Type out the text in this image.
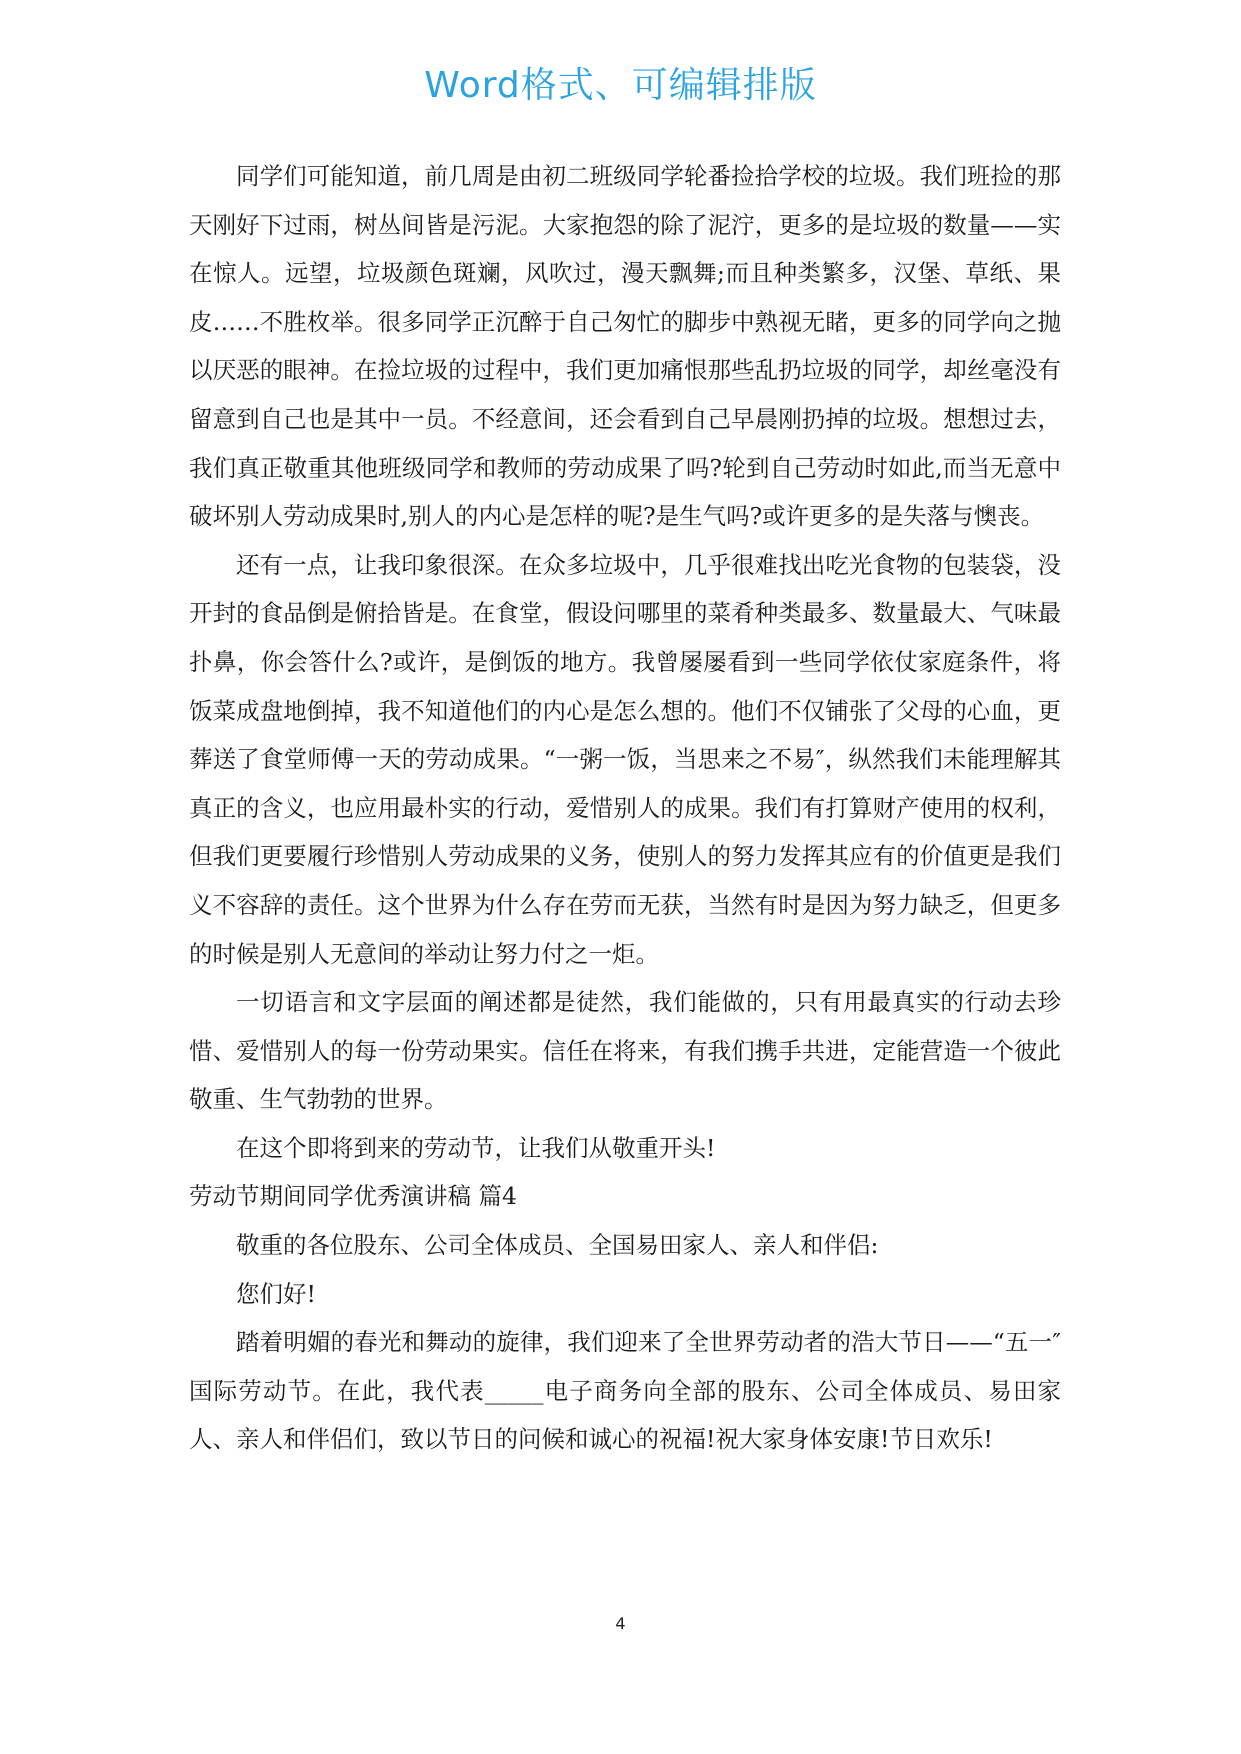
Word格式、可编辑排版

同学们可能知道，前几周是由初二班级同学轮番捡拾学校的垃圾。我们班捡的那天刚好下过雨，树丛间皆是污泥。大家抱怨的除了泥泞，更多的是垃圾的数量——实在惊人。远望，垃圾颜色斑斓，风吹过，漫天飘舞;而且种类繁多，汉堡、草纸、果皮……不胜枚举。很多同学正沉醉于自己匆忙的脚步中熟视无睹，更多的同学向之抛以厌恶的眼神。在捡垃圾的过程中，我们更加痛恨那些乱扔垃圾的同学，却丝毫没有留意到自己也是其中一员。不经意间，还会看到自己早晨刚扔掉的垃圾。想想过去，我们真正敬重其他班级同学和教师的劳动成果了吗?轮到自己劳动时如此,而当无意中破坏别人劳动成果时,别人的内心是怎样的呢?是生气吗?或许更多的是失落与懊丧。

还有一点，让我印象很深。在众多垃圾中，几乎很难找出吃光食物的包装袋，没开封的食品倒是俯拾皆是。在食堂，假设问哪里的菜肴种类最多、数量最大、气味最扑鼻，你会答什么?或许，是倒饭的地方。我曾屡屡看到一些同学依仗家庭条件，将饭菜成盘地倒掉，我不知道他们的内心是怎么想的。他们不仅铺张了父母的心血，更葬送了食堂师傅一天的劳动成果。“一粥一饭，当思来之不易″，纵然我们未能理解其真正的含义，也应用最朴实的行动，爱惜别人的成果。我们有打算财产使用的权利，但我们更要履行珍惜别人劳动成果的义务，使别人的努力发挥其应有的价值更是我们义不容辞的责任。这个世界为什么存在劳而无获，当然有时是因为努力缺乏，但更多的时候是别人无意间的举动让努力付之一炬。

一切语言和文字层面的阐述都是徒然，我们能做的，只有用最真实的行动去珍惜、爱惜别人的每一份劳动果实。信任在将来，有我们携手共进，定能营造一个彼此敬重、生气勃勃的世界。

在这个即将到来的劳动节，让我们从敬重开头!

劳动节期间同学优秀演讲稿 篇4

敬重的各位股东、公司全体成员、全国易田家人、亲人和伴侣:

您们好!

踏着明媚的春光和舞动的旋律，我们迎来了全世界劳动者的浩大节日——“五一″国际劳动节。在此，我代表_____电子商务向全部的股东、公司全体成员、易田家人、亲人和伴侣们，致以节日的问候和诚心的祝福!祝大家身体安康!节日欢乐!

4
